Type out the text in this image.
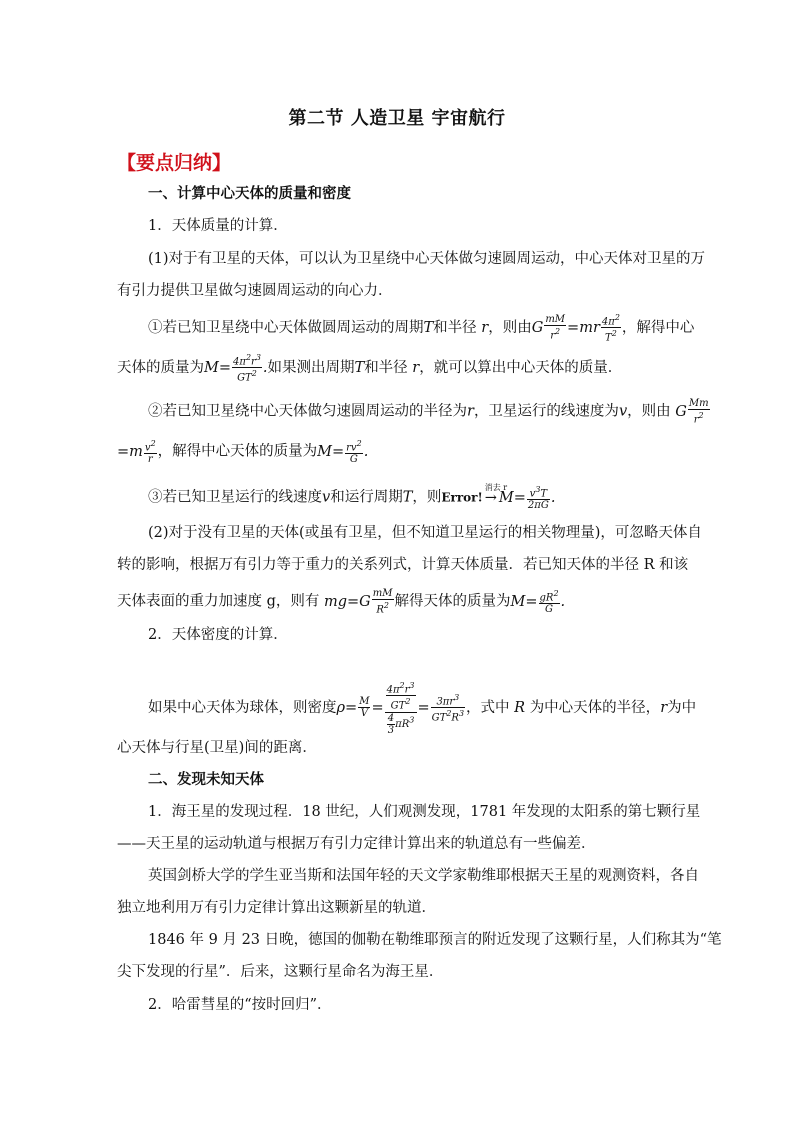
第二节 人造卫星 宇宙航行
【要点归纳】
一、计算中心天体的质量和密度
1．天体质量的计算．
(1)对于有卫星的天体，可以认为卫星绕中心天体做匀速圆周运动，中心天体对卫星的万
有引力提供卫星做匀速圆周运动的向心力．
①若已知卫星绕中心天体做圆周运动的周期T和半径 r，则由G $\frac{mM}{r^2} =mr \frac{4\pi^2}{T^2}$ ，解得中心
天体的质量为$M= \frac{4\pi^2r^3}{GT^2}$ .如果测出周期T和半径 r，就可以算出中心天体的质量．
②若已知卫星绕中心天体做匀速圆周运动的半径为r，卫星运行的线速度为v，则由 G $\frac{Mm}{r^2}$
$=m \frac{v^2}{r}$ ，解得中心天体的质量为$M= \frac{rv^2}{G}$ .
③若已知卫星运行的线速度v和运行周期T，则Error!
消去 r
→ $M= \frac{v^3T}{2\pi G}$ .
(2)对于没有卫星的天体(或虽有卫星，但不知道卫星运行的相关物理量)，可忽略天体自
转的影响，根据万有引力等于重力的关系列式，计算天体质量．若已知天体的半径 R 和该
天体表面的重力加速度 g，则有 $mg=G \frac{mM}{R^2}$ 解得天体的质量为$M= \frac{gR^2}{G}$ .
2．天体密度的计算．
如果中心天体为球体，则密度$\rho= \frac{M}{V} = \frac{\frac{4\pi^2r^3}{GT^2}}{\frac{4}{3} \pi R^3} = \frac{3\pi r^3}{GT^2R^3}$ ，式中 R 为中心天体的半径，r为中
心天体与行星(卫星)间的距离．
二、发现未知天体
1．海王星的发现过程．18 世纪，人们观测发现，1781 年发现的太阳系的第七颗行星
——天王星的运动轨道与根据万有引力定律计算出来的轨道总有一些偏差．
英国剑桥大学的学生亚当斯和法国年轻的天文学家勒维耶根据天王星的观测资料，各自
独立地利用万有引力定律计算出这颗新星的轨道．
1846 年 9 月 23 日晚，德国的伽勒在勒维耶预言的附近发现了这颗行星，人们称其为“笔
尖下发现的行星”．后来，这颗行星命名为海王星．
2．哈雷彗星的“按时回归”．
